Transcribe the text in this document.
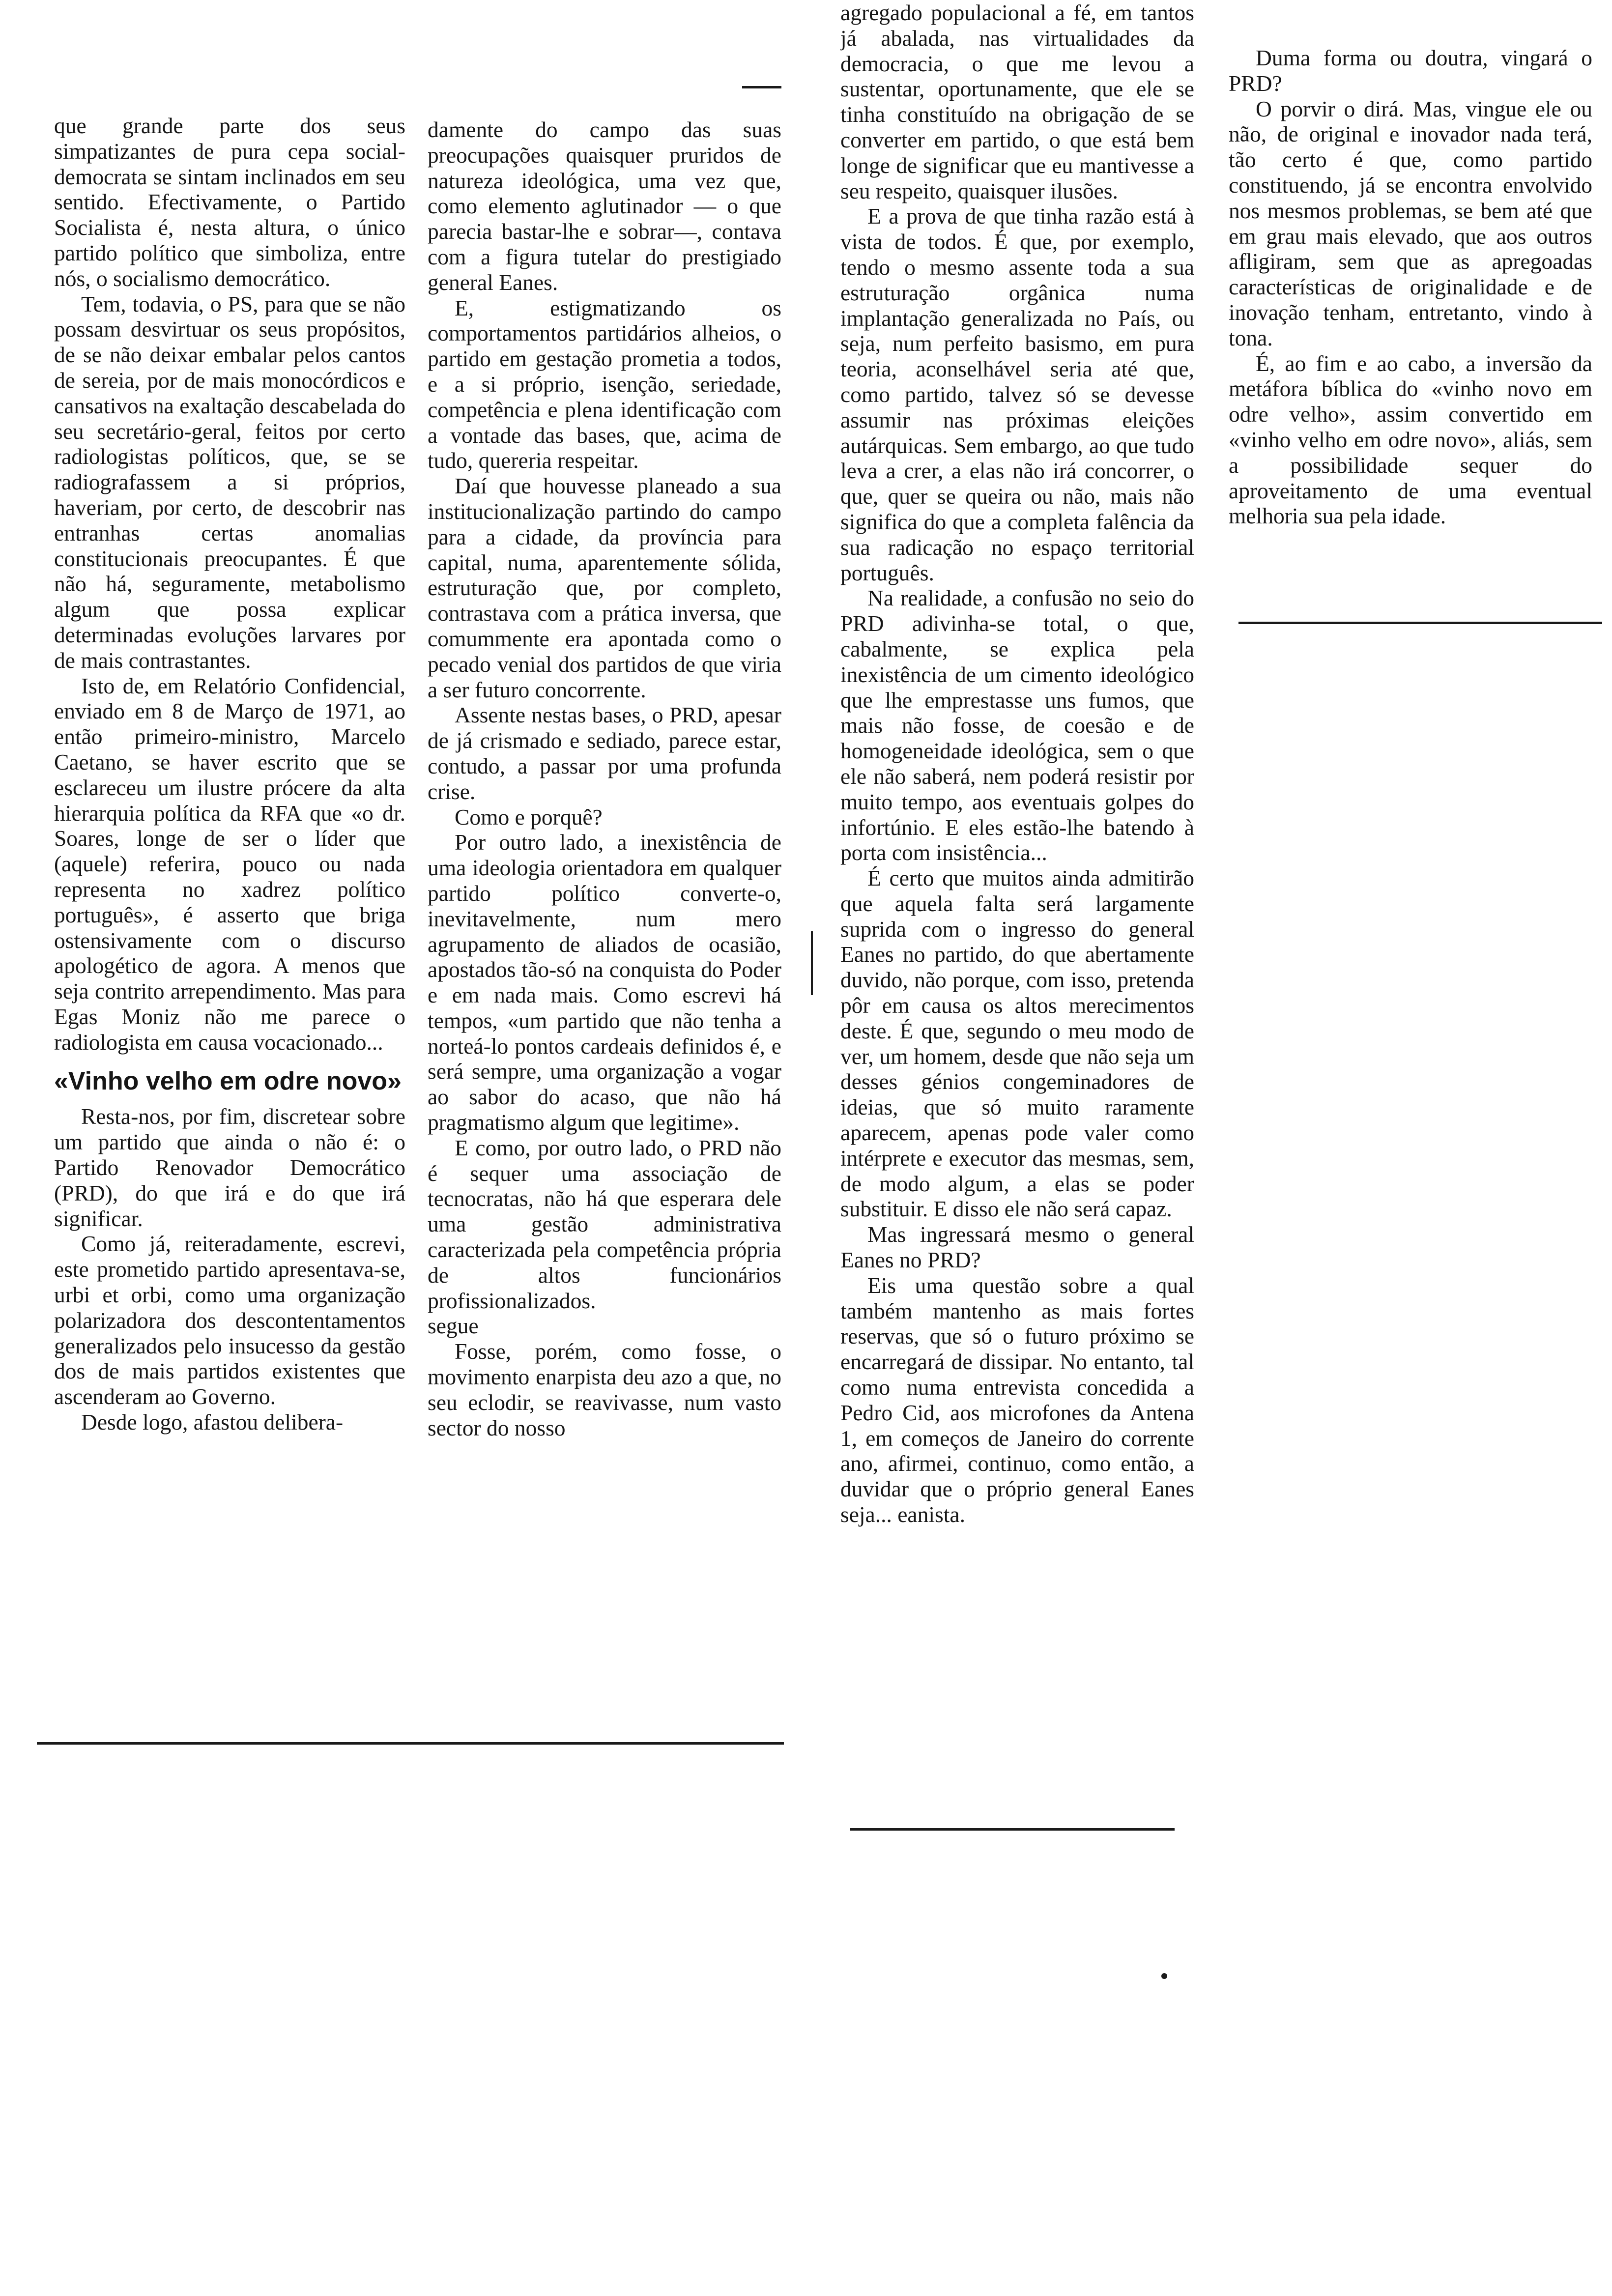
que grande parte dos seus simpatizantes de pura cepa social-democrata se sintam inclinados em seu sentido. Efectivamente, o Partido Socialista é, nesta altura, o único partido político que simboliza, entre nós, o socialismo democrático.

Tem, todavia, o PS, para que se não possam desvirtuar os seus propósitos, de se não deixar embalar pelos cantos de sereia, por de mais monocórdicos e cansativos na exaltação descabelada do seu secretário-geral, feitos por certo radiologistas políticos, que, se se radiografassem a si próprios, haveriam, por certo, de descobrir nas entranhas certas anomalias constitucionais preocupantes. É que não há, seguramente, metabolismo algum que possa explicar determinadas evoluções larvares por de mais contrastantes.

Isto de, em Relatório Confidencial, enviado em 8 de Março de 1971, ao então primeiro-ministro, Marcelo Caetano, se haver escrito que se esclareceu um ilustre prócere da alta hierarquia política da RFA que «o dr. Soares, longe de ser o líder que (aquele) referira, pouco ou nada representa no xadrez político português», é asserto que briga ostensivamente com o discurso apologético de agora. A menos que seja contrito arrependimento. Mas para Egas Moniz não me parece o radiologista em causa vocacionado...

«Vinho velho em odre novo»

Resta-nos, por fim, discretear sobre um partido que ainda o não é: o Partido Renovador Democrático (PRD), do que irá e do que irá significar.

Como já, reiteradamente, escrevi, este prometido partido apresentava-se, urbi et orbi, como uma organização polarizadora dos descontentamentos generalizados pelo insucesso da gestão dos de mais partidos existentes que ascenderam ao Governo.

Desde logo, afastou delibera-

damente do campo das suas preocupações quaisquer pruridos de natureza ideológica, uma vez que, como elemento aglutinador — o que parecia bastar-lhe e sobrar—, contava com a figura tutelar do prestigiado general Eanes.

E, estigmatizando os comportamentos partidários alheios, o partido em gestação prometia a todos, e a si próprio, isenção, seriedade, competência e plena identificação com a vontade das bases, que, acima de tudo, quereria respeitar.

Daí que houvesse planeado a sua institucionalização partindo do campo para a cidade, da província para capital, numa, aparentemente sólida, estruturação que, por completo, contrastava com a prática inversa, que comummente era apontada como o pecado venial dos partidos de que viria a ser futuro concorrente.

Assente nestas bases, o PRD, apesar de já crismado e sediado, parece estar, contudo, a passar por uma profunda crise.

Como e porquê?

Por outro lado, a inexistência de uma ideologia orientadora em qualquer partido político converte-o, inevitavelmente, num mero agrupamento de aliados de ocasião, apostados tão-só na conquista do Poder e em nada mais. Como escrevi há tempos, «um partido que não tenha a norteá-lo pontos cardeais definidos é, e será sempre, uma organização a vogar ao sabor do acaso, que não há pragmatismo algum que legitime».

E como, por outro lado, o PRD não é sequer uma associação de tecnocratas, não há que esperara dele uma gestão administrativa caracterizada pela competência própria de altos funcionários profissionalizados.

segue

Fosse, porém, como fosse, o movimento enarpista deu azo a que, no seu eclodir, se reavivasse, num vasto sector do nosso

agregado populacional a fé, em tantos já abalada, nas virtualidades da democracia, o que me levou a sustentar, oportunamente, que ele se tinha constituído na obrigação de se converter em partido, o que está bem longe de significar que eu mantivesse a seu respeito, quaisquer ilusões.

E a prova de que tinha razão está à vista de todos. É que, por exemplo, tendo o mesmo assente toda a sua estruturação orgânica numa implantação generalizada no País, ou seja, num perfeito basismo, em pura teoria, aconselhável seria até que, como partido, talvez só se devesse assumir nas próximas eleições autárquicas. Sem embargo, ao que tudo leva a crer, a elas não irá concorrer, o que, quer se queira ou não, mais não significa do que a completa falência da sua radicação no espaço territorial português.

Na realidade, a confusão no seio do PRD adivinha-se total, o que, cabalmente, se explica pela inexistência de um cimento ideológico que lhe emprestasse uns fumos, que mais não fosse, de coesão e de homogeneidade ideológica, sem o que ele não saberá, nem poderá resistir por muito tempo, aos eventuais golpes do infortúnio. E eles estão-lhe batendo à porta com insistência...

É certo que muitos ainda admitirão que aquela falta será largamente suprida com o ingresso do general Eanes no partido, do que abertamente duvido, não porque, com isso, pretenda pôr em causa os altos merecimentos deste. É que, segundo o meu modo de ver, um homem, desde que não seja um desses génios congeminadores de ideias, que só muito raramente aparecem, apenas pode valer como intérprete e executor das mesmas, sem, de modo algum, a elas se poder substituir. E disso ele não será capaz.

Mas ingressará mesmo o general Eanes no PRD?

Eis uma questão sobre a qual também mantenho as mais fortes reservas, que só o futuro próximo se encarregará de dissipar. No entanto, tal como numa entrevista concedida a Pedro Cid, aos microfones da Antena 1, em começos de Janeiro do corrente ano, afirmei, continuo, como então, a duvidar que o próprio general Eanes seja... eanista.

Duma forma ou doutra, vingará o PRD?

O porvir o dirá. Mas, vingue ele ou não, de original e inovador nada terá, tão certo é que, como partido constituendo, já se encontra envolvido nos mesmos problemas, se bem até que em grau mais elevado, que aos outros afligiram, sem que as apregoadas características de originalidade e de inovação tenham, entretanto, vindo à tona.

É, ao fim e ao cabo, a inversão da metáfora bíblica do «vinho novo em odre velho», assim convertido em «vinho velho em odre novo», aliás, sem a possibilidade sequer do aproveitamento de uma eventual melhoria sua pela idade.
